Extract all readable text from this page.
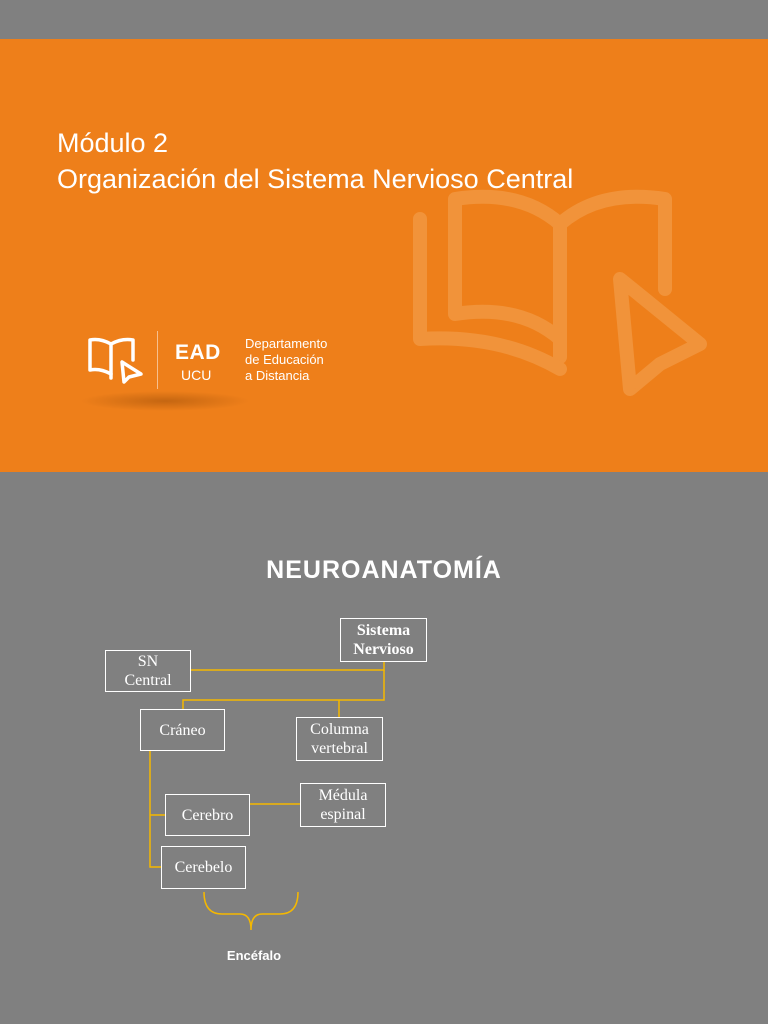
Módulo 2
Organización del Sistema Nervioso Central
EAD
UCU
Departamento
de Educación
a Distancia
NEUROANATOMÍA
Sistema
Nervioso
SN
Central
Cráneo	Columna
vertebral
Médula
espinal
Cerebro
Cerebelo
Encéfalo
